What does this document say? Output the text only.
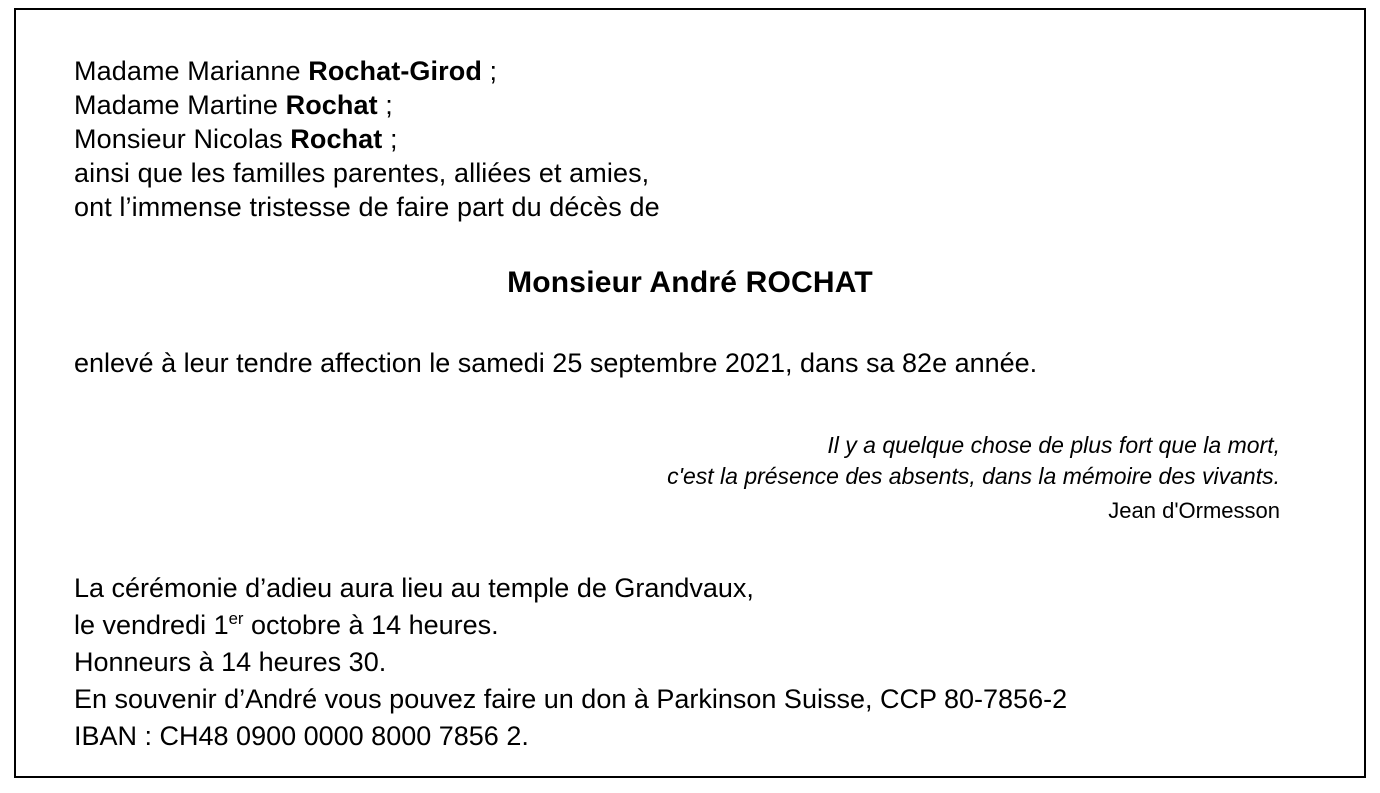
Madame Marianne Rochat-Girod ;
Madame Martine Rochat ;
Monsieur Nicolas Rochat ;
ainsi que les familles parentes, alliées et amies,
ont l’immense tristesse de faire part du décès de
Monsieur André ROCHAT
enlevé à leur tendre affection le samedi 25 septembre 2021, dans sa 82e année.
Il y a quelque chose de plus fort que la mort,
c'est la présence des absents, dans la mémoire des vivants.
Jean d'Ormesson
La cérémonie d’adieu aura lieu au temple de Grandvaux,
le vendredi 1er octobre à 14 heures.
Honneurs à 14 heures 30.
En souvenir d’André vous pouvez faire un don à Parkinson Suisse, CCP 80-7856-2
IBAN : CH48 0900 0000 8000 7856 2.
